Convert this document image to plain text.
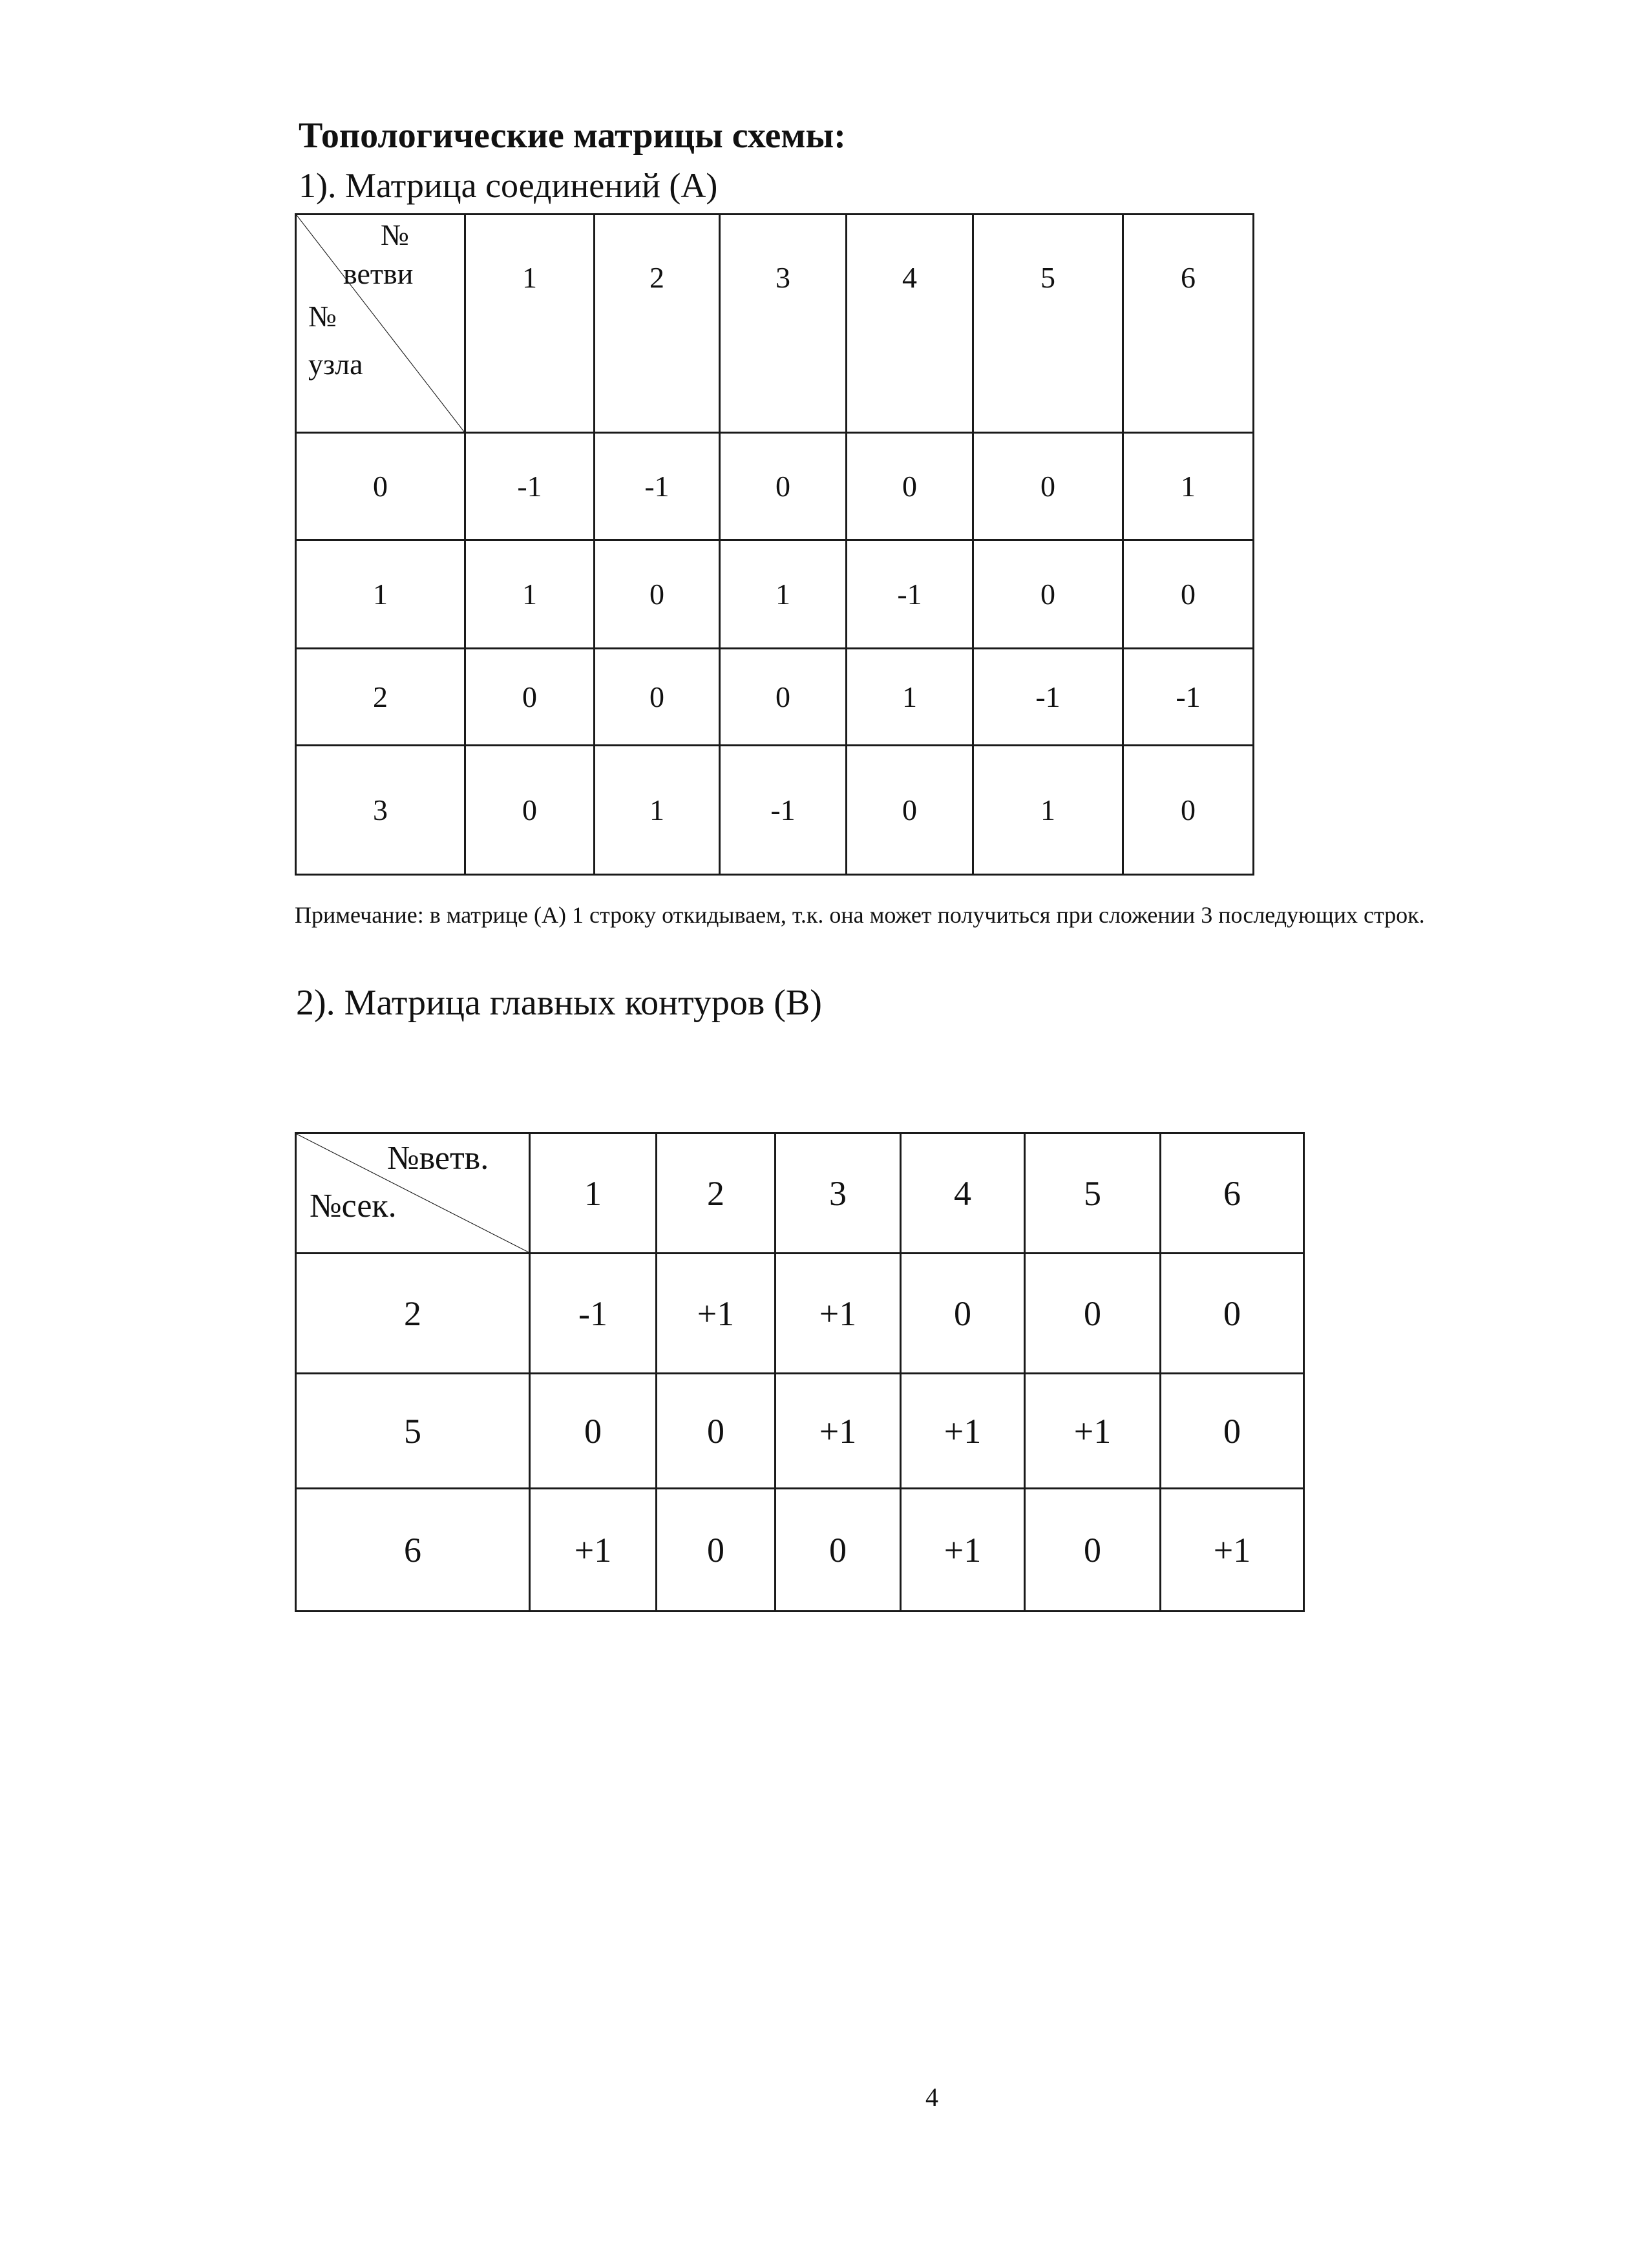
Топологические матрицы схемы:
1). Матрица соединений (А)
№
ветви
№
узла	1	2	3	4	5	6
0	-1	-1	0	0	0	1
1	1	0	1	-1	0	0
2	0	0	0	1	-1	-1
3	0	1	-1	0	1	0

Примечание: в матрице (А) 1 строку откидываем, т.к. она может получиться при сложении 3 последующих строк.

2). Матрица главных контуров (В)
№ветв.
№сек.	1	2	3	4	5	6
2	-1	+1	+1	0	0	0
5	0	0	+1	+1	+1	0
6	+1	0	0	+1	0	+1

4
